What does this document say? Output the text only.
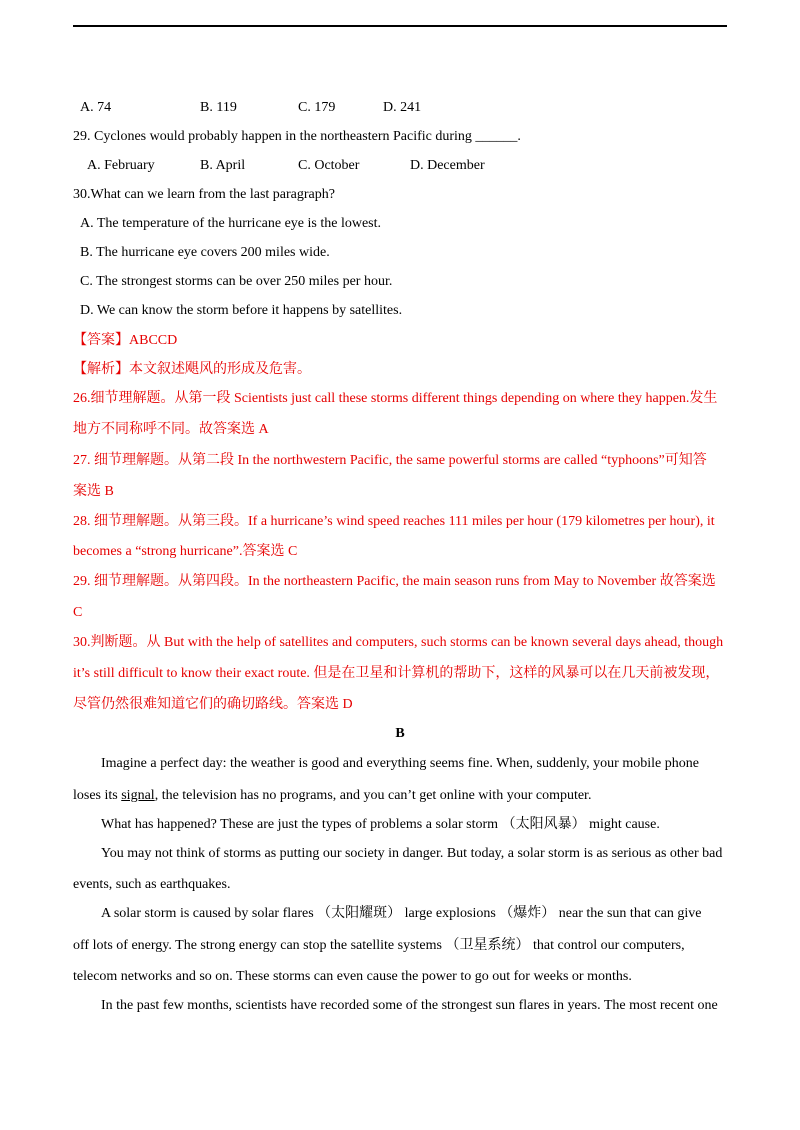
A. 74	B. 119	C. 179	D. 241
29. Cyclones would probably happen in the northeastern Pacific during ______.
A. February	B. April	C. October	D. December
30.What can we learn from the last paragraph?
A. The temperature of the hurricane eye is the lowest.
B. The hurricane eye covers 200 miles wide.
C. The strongest storms can be over 250 miles per hour.
D. We can know the storm before it happens by satellites.
【答案】ABCCD
【解析】本文叙述飓风的形成及危害。
26.细节理解题。从第一段 Scientists just call these storms different things depending on where they happen.发生
地方不同称呼不同。故答案选 A
27. 细节理解题。从第二段 In the northwestern Pacific, the same powerful storms are called “typhoons”可知答
案选 B
28. 细节理解题。从第三段。If a hurricane’s wind speed reaches 111 miles per hour (179 kilometres per hour), it
becomes a “strong hurricane”.答案选 C
29. 细节理解题。从第四段。In the northeastern Pacific, the main season runs from May to November 故答案选
C
30.判断题。从 But with the help of satellites and computers, such storms can be known several days ahead, though
it’s still difficult to know their exact route. 但是在卫星和计算机的帮助下，这样的风暴可以在几天前被发现，
尽管仍然很难知道它们的确切路线。答案选 D
B
Imagine a perfect day: the weather is good and everything seems fine. When, suddenly, your mobile phone
loses its signal, the television has no programs, and you can’t get online with your computer.
What has happened? These are just the types of problems a solar storm （太阳风暴） might cause.
You may not think of storms as putting our society in danger. But today, a solar storm is as serious as other bad
events, such as earthquakes.
A solar storm is caused by solar flares （太阳耀斑） large explosions （爆炸） near the sun that can give
off lots of energy. The strong energy can stop the satellite systems （卫星系统） that control our computers,
telecom networks and so on. These storms can even cause the power to go out for weeks or months.
In the past few months, scientists have recorded some of the strongest sun flares in years. The most recent one
